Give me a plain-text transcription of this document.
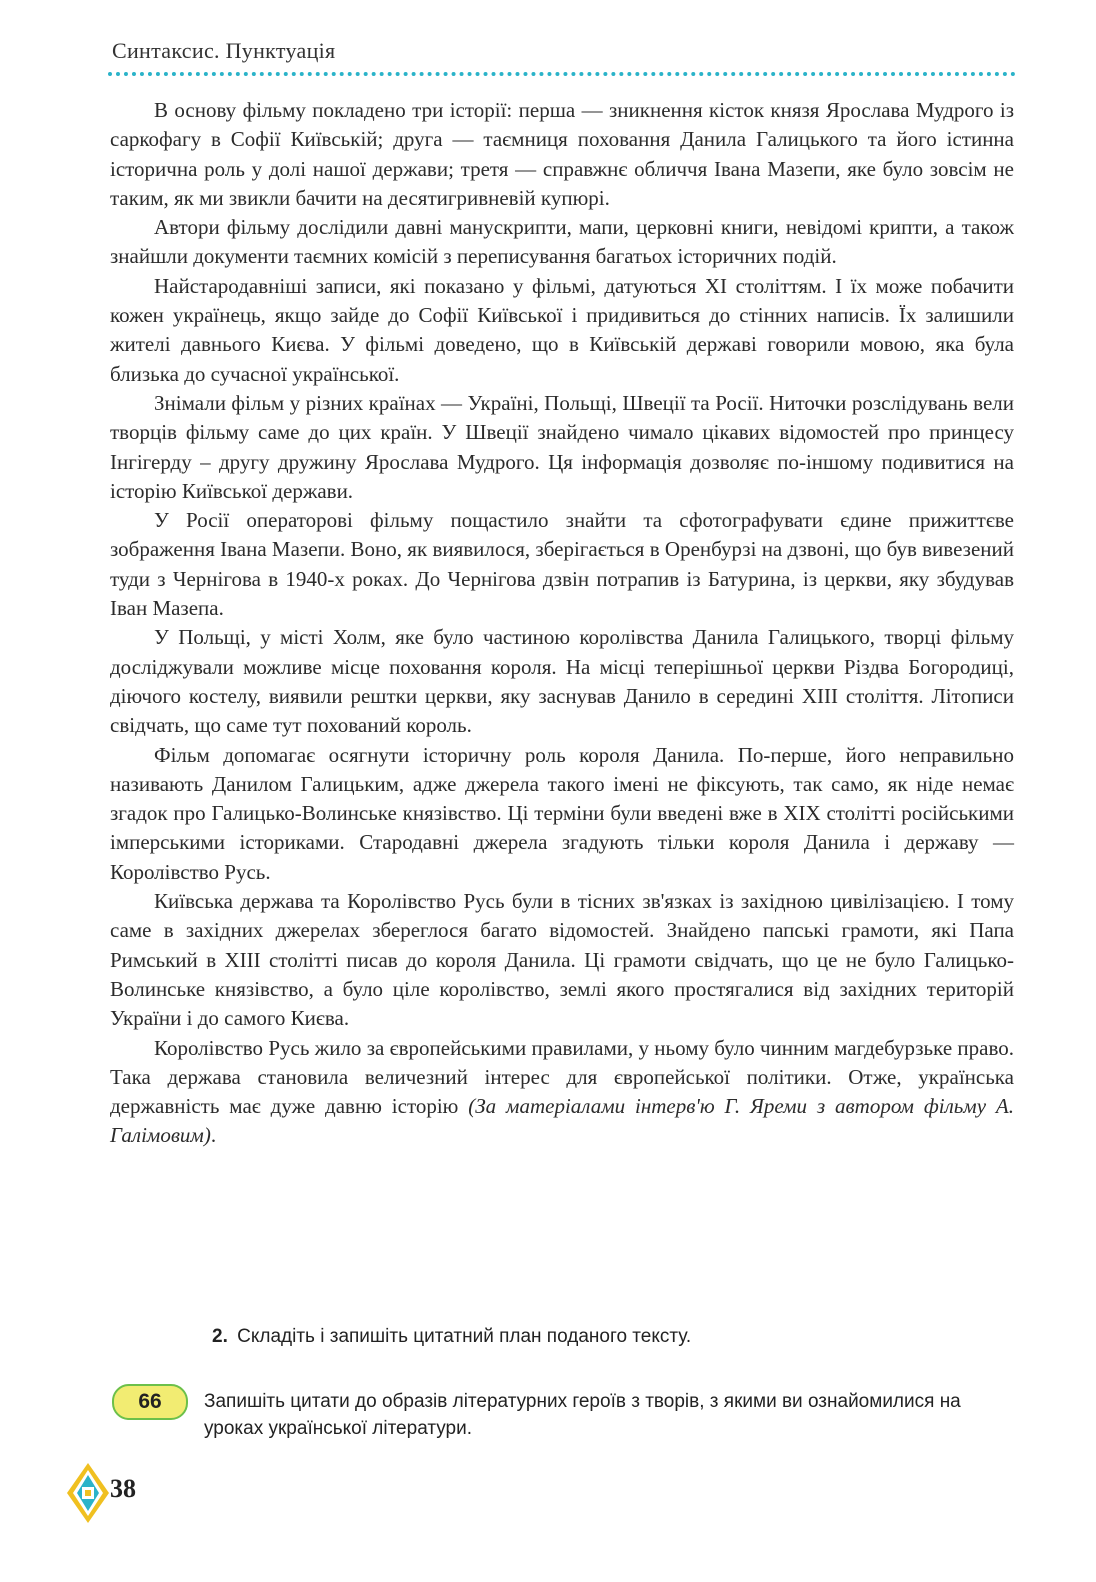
Синтаксис. Пунктуація

В основу фільму покладено три історії: перша — зникнення кісток князя Ярослава Мудрого із саркофагу в Софії Київській; друга — таємниця поховання Данила Галицького та його істинна історична роль у долі нашої держави; третя — справжнє обличчя Івана Мазепи, яке було зовсім не таким, як ми звикли бачити на десятигривневій купюрі.

Автори фільму дослідили давні манускрипти, мапи, церковні книги, невідомі крипти, а також знайшли документи таємних комісій з переписування багатьох історичних подій.

Найстародавніші записи, які показано у фільмі, датуються XI століттям. І їх може побачити кожен українець, якщо зайде до Софії Київської і придивиться до стінних написів. Їх залишили жителі давнього Києва. У фільмі доведено, що в Київській державі говорили мовою, яка була близька до сучасної української.

Знімали фільм у різних країнах — Україні, Польщі, Швеції та Росії. Ниточки розслідувань вели творців фільму саме до цих країн. У Швеції знайдено чимало цікавих відомостей про принцесу Інгігерду – другу дружину Ярослава Мудрого. Ця інформація дозволяє по-іншому подивитися на історію Київської держави.

У Росії операторові фільму пощастило знайти та сфотографувати єдине прижиттєве зображення Івана Мазепи. Воно, як виявилося, зберігається в Оренбурзі на дзвоні, що був вивезений туди з Чернігова в 1940-х роках. До Чернігова дзвін потрапив із Батурина, із церкви, яку збудував Іван Мазепа.

У Польщі, у місті Холм, яке було частиною королівства Данила Галицького, творці фільму досліджували можливе місце поховання короля. На місці теперішньої церкви Різдва Богородиці, діючого костелу, виявили рештки церкви, яку заснував Данило в середині XIII століття. Літописи свідчать, що саме тут похований король.

Фільм допомагає осягнути історичну роль короля Данила. По-перше, його неправильно називають Данилом Галицьким, адже джерела такого імені не фіксують, так само, як ніде немає згадок про Галицько-Волинське князівство. Ці терміни були введені вже в XIX столітті російськими імперськими істориками. Стародавні джерела згадують тільки короля Данила і державу — Королівство Русь.

Київська держава та Королівство Русь були в тісних зв'язках із західною цивілізацією. І тому саме в західних джерелах збереглося багато відомостей. Знайдено папські грамоти, які Папа Римський в XIII столітті писав до короля Данила. Ці грамоти свідчать, що це не було Галицько-Волинське князівство, а було ціле королівство, землі якого простягалися від західних територій України і до самого Києва.

Королівство Русь жило за європейськими правилами, у ньому було чинним магдебурзьке право. Така держава становила величезний інтерес для європейської політики. Отже, українська державність має дуже давню історію (За матеріалами інтерв'ю Г. Яреми з автором фільму А. Галімовим).

2. Складіть і запишіть цитатний план поданого тексту.
66	Запишіть цитати до образів літературних героїв з творів, з якими ви ознайомилися на уроках української літератури.
38
